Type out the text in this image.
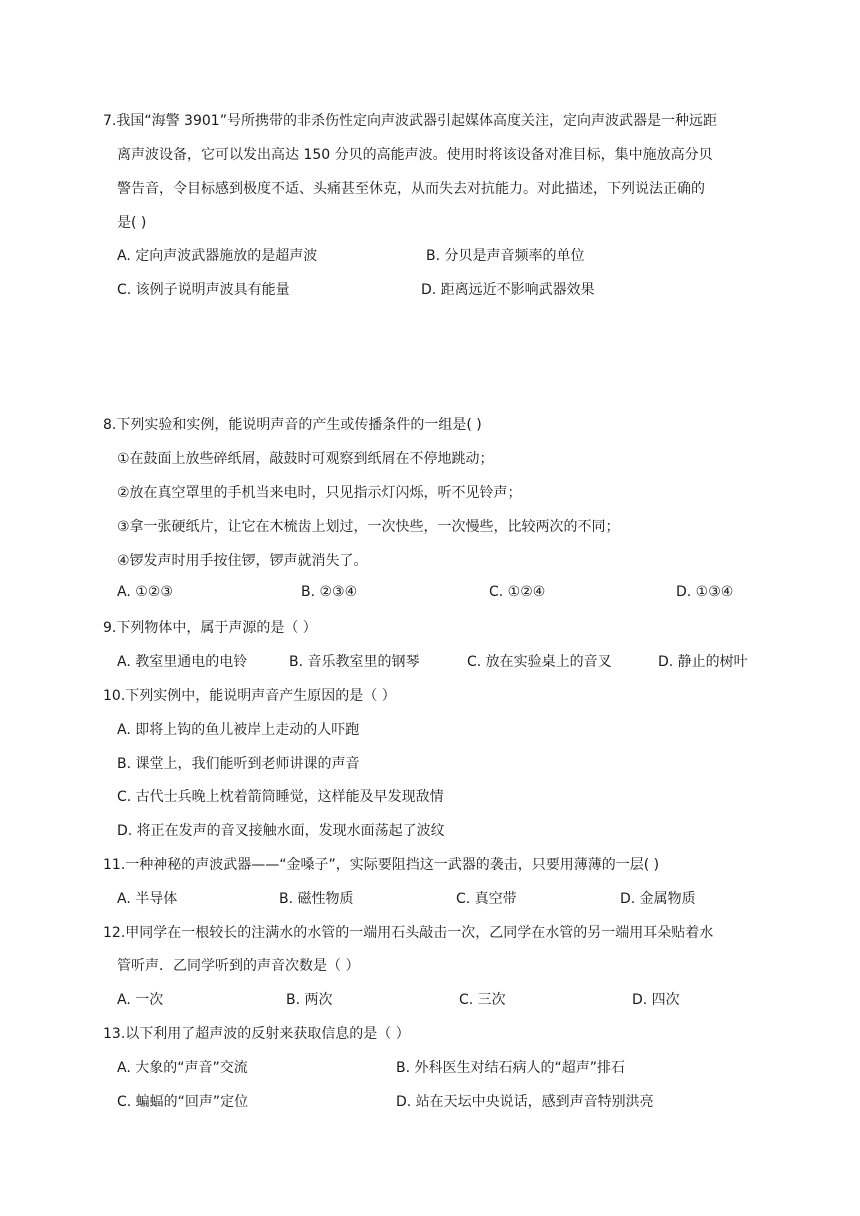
7.我国“海警 3901”号所携带的非杀伤性定向声波武器引起媒体高度关注，定向声波武器是一种远距
离声波设备，它可以发出高达 150 分贝的高能声波。使用时将该设备对准目标，集中施放高分贝
警告音，令目标感到极度不适、头痛甚至休克，从而失去对抗能力。对此描述，下列说法正确的
是( )
A. 定向声波武器施放的是超声波	B. 分贝是声音频率的单位
C. 该例子说明声波具有能量	D. 距离远近不影响武器效果
8.下列实验和实例，能说明声音的产生或传播条件的一组是( )
①在鼓面上放些碎纸屑，敲鼓时可观察到纸屑在不停地跳动；
②放在真空罩里的手机当来电时，只见指示灯闪烁，听不见铃声；
③拿一张硬纸片，让它在木梳齿上划过，一次快些，一次慢些，比较两次的不同；
④锣发声时用手按住锣，锣声就消失了。
A. ①②③	B. ②③④	C. ①②④	D. ①③④
9.下列物体中，属于声源的是（ ）
A. 教室里通电的电铃	B. 音乐教室里的钢琴	C. 放在实验桌上的音叉	D. 静止的树叶
10.下列实例中，能说明声音产生原因的是（ ）
A. 即将上钩的鱼儿被岸上走动的人吓跑
B. 课堂上，我们能听到老师讲课的声音
C. 古代士兵晚上枕着箭筒睡觉，这样能及早发现敌情
D. 将正在发声的音叉接触水面，发现水面荡起了波纹
11.一种神秘的声波武器——“金嗓子”，实际要阻挡这一武器的袭击，只要用薄薄的一层( )
A. 半导体	B. 磁性物质	C. 真空带	D. 金属物质
12.甲同学在一根较长的注满水的水管的一端用石头敲击一次，乙同学在水管的另一端用耳朵贴着水
管听声．乙同学听到的声音次数是（ ）
A. 一次	B. 两次	C. 三次	D. 四次
13.以下利用了超声波的反射来获取信息的是（ ）
A. 大象的“声音”交流	B. 外科医生对结石病人的“超声”排石
C. 蝙蝠的“回声”定位	D. 站在天坛中央说话，感到声音特别洪亮
